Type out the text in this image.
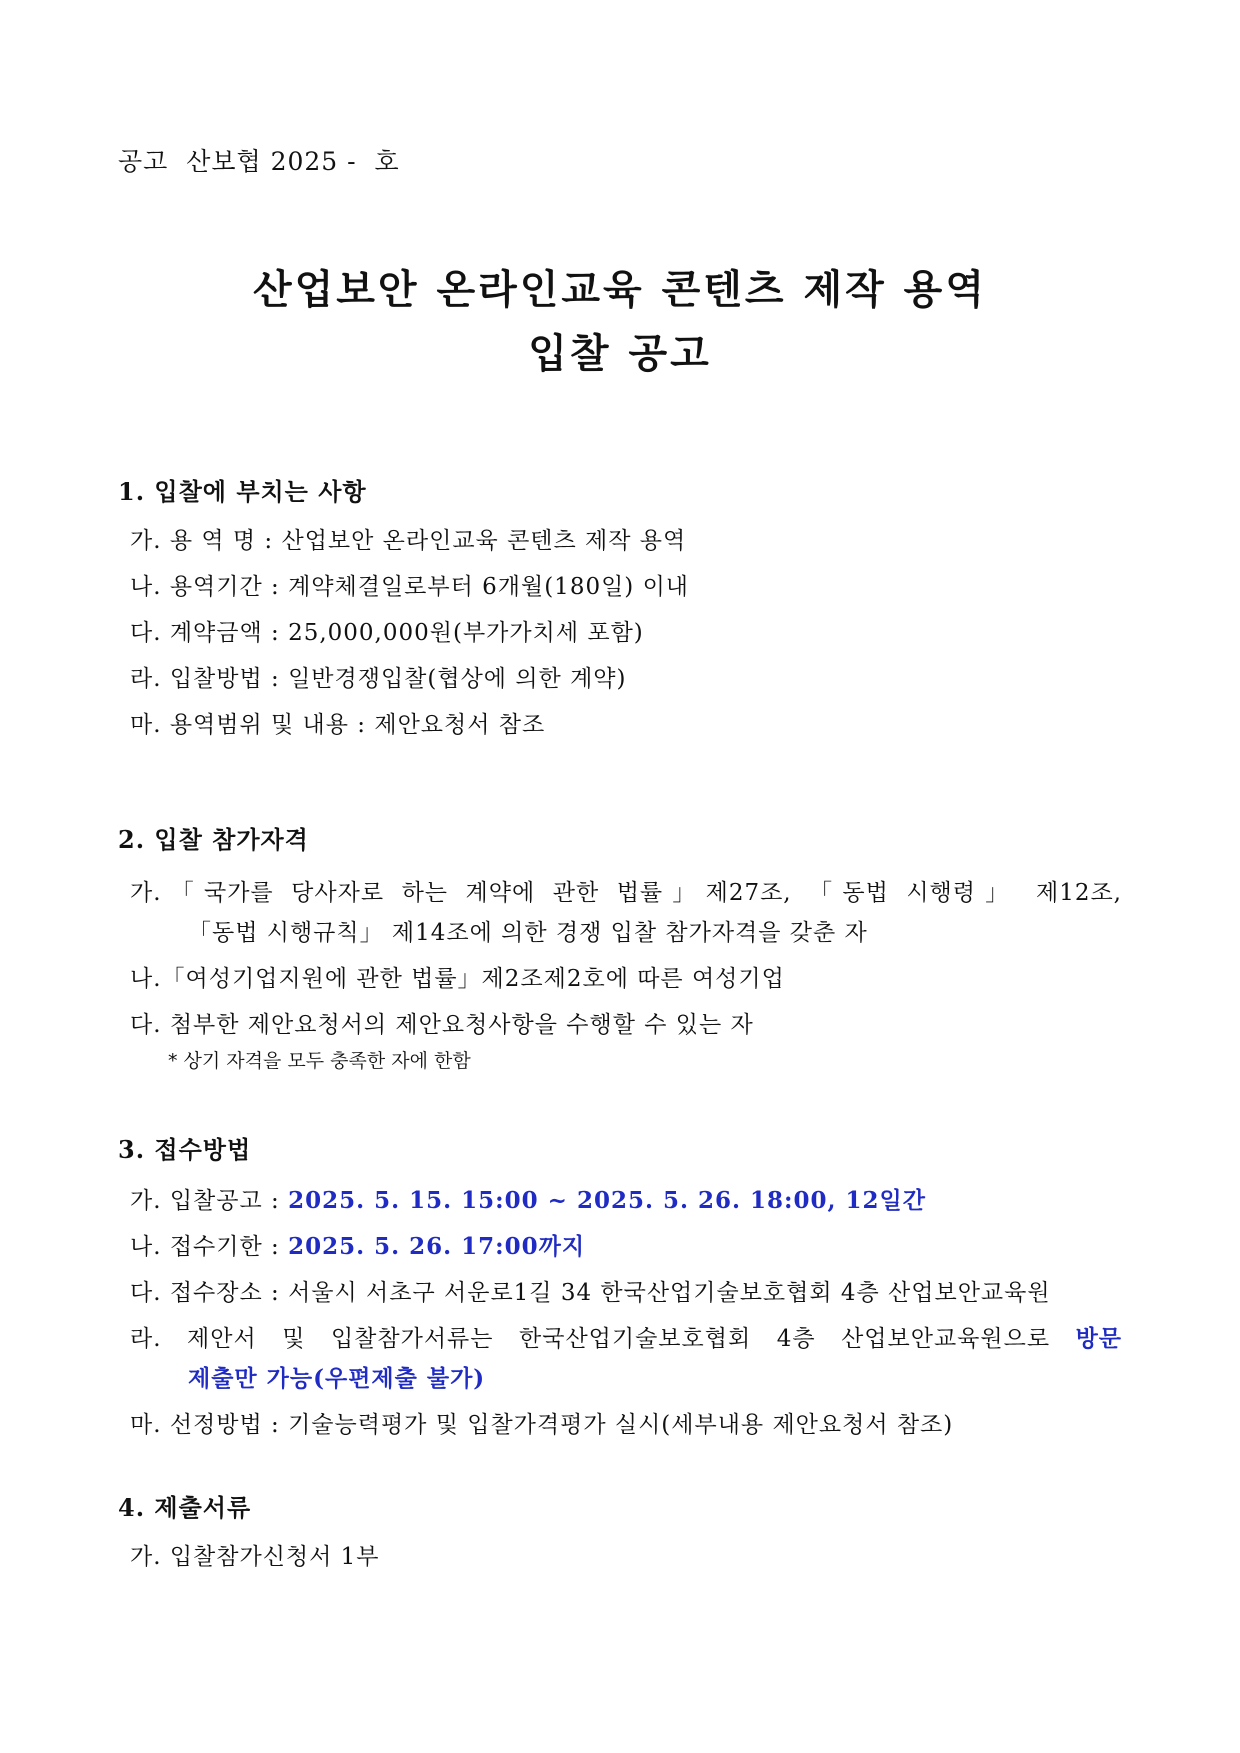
공고  산보협 2025 -  호
산업보안 온라인교육 콘텐츠 제작 용역
입찰 공고
1. 입찰에 부치는 사항
가. 용 역 명 : 산업보안 온라인교육 콘텐츠 제작 용역
나. 용역기간 : 계약체결일로부터 6개월(180일) 이내
다. 계약금액 : 25,000,000원(부가가치세 포함)
라. 입찰방법 : 일반경쟁입찰(협상에 의한 계약)
마. 용역범위 및 내용 : 제안요청서 참조
2. 입찰 참가자격
가.「국가를 당사자로 하는 계약에 관한 법률」제27조, 「동법 시행령」 제12조,
「동법 시행규칙」 제14조에 의한 경쟁 입찰 참가자격을 갖춘 자
나.「여성기업지원에 관한 법률」제2조제2호에 따른 여성기업
다. 첨부한 제안요청서의 제안요청사항을 수행할 수 있는 자
* 상기 자격을 모두 충족한 자에 한함
3. 접수방법
가. 입찰공고 : 2025. 5. 15. 15:00 ~ 2025. 5. 26. 18:00, 12일간
나. 접수기한 : 2025. 5. 26. 17:00까지
다. 접수장소 : 서울시 서초구 서운로1길 34 한국산업기술보호협회 4층 산업보안교육원
라. 제안서 및 입찰참가서류는 한국산업기술보호협회 4층 산업보안교육원으로 방문
제출만 가능(우편제출 불가)
마. 선정방법 : 기술능력평가 및 입찰가격평가 실시(세부내용 제안요청서 참조)
4. 제출서류
가. 입찰참가신청서 1부
